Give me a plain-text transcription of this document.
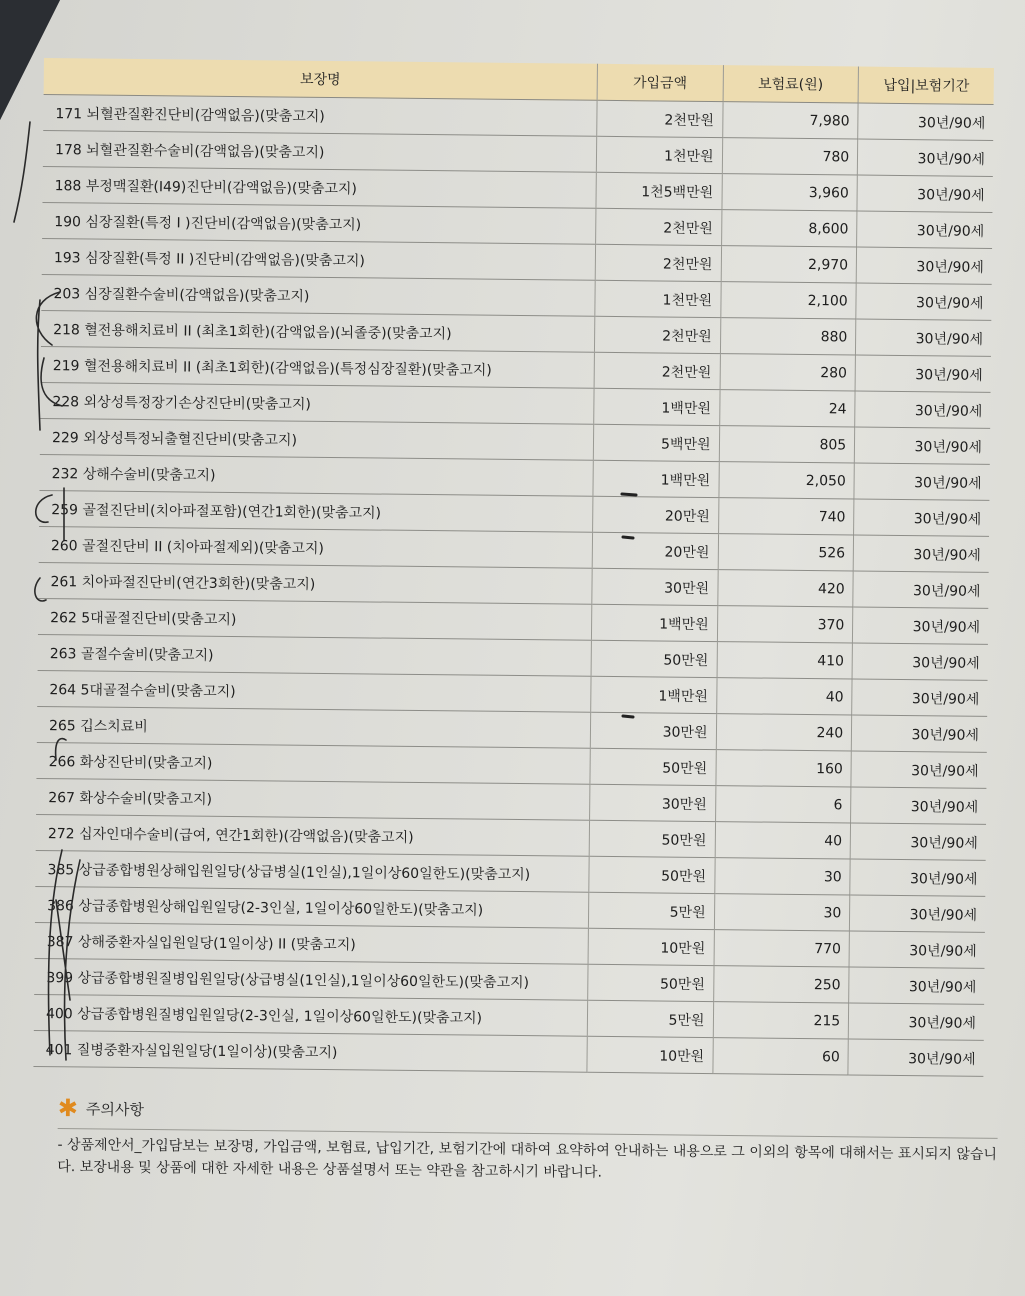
보장명	가입금액	보험료(원)	납입|보험기간
171 뇌혈관질환진단비(감액없음)(맞춤고지)	2천만원	7,980	30년/90세
178 뇌혈관질환수술비(감액없음)(맞춤고지)	1천만원	780	30년/90세
188 부정맥질환(I49)진단비(감액없음)(맞춤고지)	1천5백만원	3,960	30년/90세
190 심장질환(특정 I )진단비(감액없음)(맞춤고지)	2천만원	8,600	30년/90세
193 심장질환(특정 II )진단비(감액없음)(맞춤고지)	2천만원	2,970	30년/90세
203 심장질환수술비(감액없음)(맞춤고지)	1천만원	2,100	30년/90세
218 혈전용해치료비 II (최초1회한)(감액없음)(뇌졸중)(맞춤고지)	2천만원	880	30년/90세
219 혈전용해치료비 II (최초1회한)(감액없음)(특정심장질환)(맞춤고지)	2천만원	280	30년/90세
228 외상성특정장기손상진단비(맞춤고지)	1백만원	24	30년/90세
229 외상성특정뇌출혈진단비(맞춤고지)	5백만원	805	30년/90세
232 상해수술비(맞춤고지)	1백만원	2,050	30년/90세
259 골절진단비(치아파절포함)(연간1회한)(맞춤고지)	20만원	740	30년/90세
260 골절진단비 II (치아파절제외)(맞춤고지)	20만원	526	30년/90세
261 치아파절진단비(연간3회한)(맞춤고지)	30만원	420	30년/90세
262 5대골절진단비(맞춤고지)	1백만원	370	30년/90세
263 골절수술비(맞춤고지)	50만원	410	30년/90세
264 5대골절수술비(맞춤고지)	1백만원	40	30년/90세
265 깁스치료비	30만원	240	30년/90세
266 화상진단비(맞춤고지)	50만원	160	30년/90세
267 화상수술비(맞춤고지)	30만원	6	30년/90세
272 십자인대수술비(급여, 연간1회한)(감액없음)(맞춤고지)	50만원	40	30년/90세
385 상급종합병원상해입원일당(상급병실(1인실),1일이상60일한도)(맞춤고지)	50만원	30	30년/90세
386 상급종합병원상해입원일당(2-3인실, 1일이상60일한도)(맞춤고지)	5만원	30	30년/90세
387 상해중환자실입원일당(1일이상) II (맞춤고지)	10만원	770	30년/90세
399 상급종합병원질병입원일당(상급병실(1인실),1일이상60일한도)(맞춤고지)	50만원	250	30년/90세
400 상급종합병원질병입원일당(2-3인실, 1일이상60일한도)(맞춤고지)	5만원	215	30년/90세
401 질병중환자실입원일당(1일이상)(맞춤고지)	10만원	60	30년/90세
✱ 주의사항
- 상품제안서_가입담보는 보장명, 가입금액, 보험료, 납입기간, 보험기간에 대하여 요약하여 안내하는 내용으로 그 이외의 항목에 대해서는 표시되지 않습니다. 보장내용 및 상품에 대한 자세한 내용은 상품설명서 또는 약관을 참고하시기 바랍니다.
